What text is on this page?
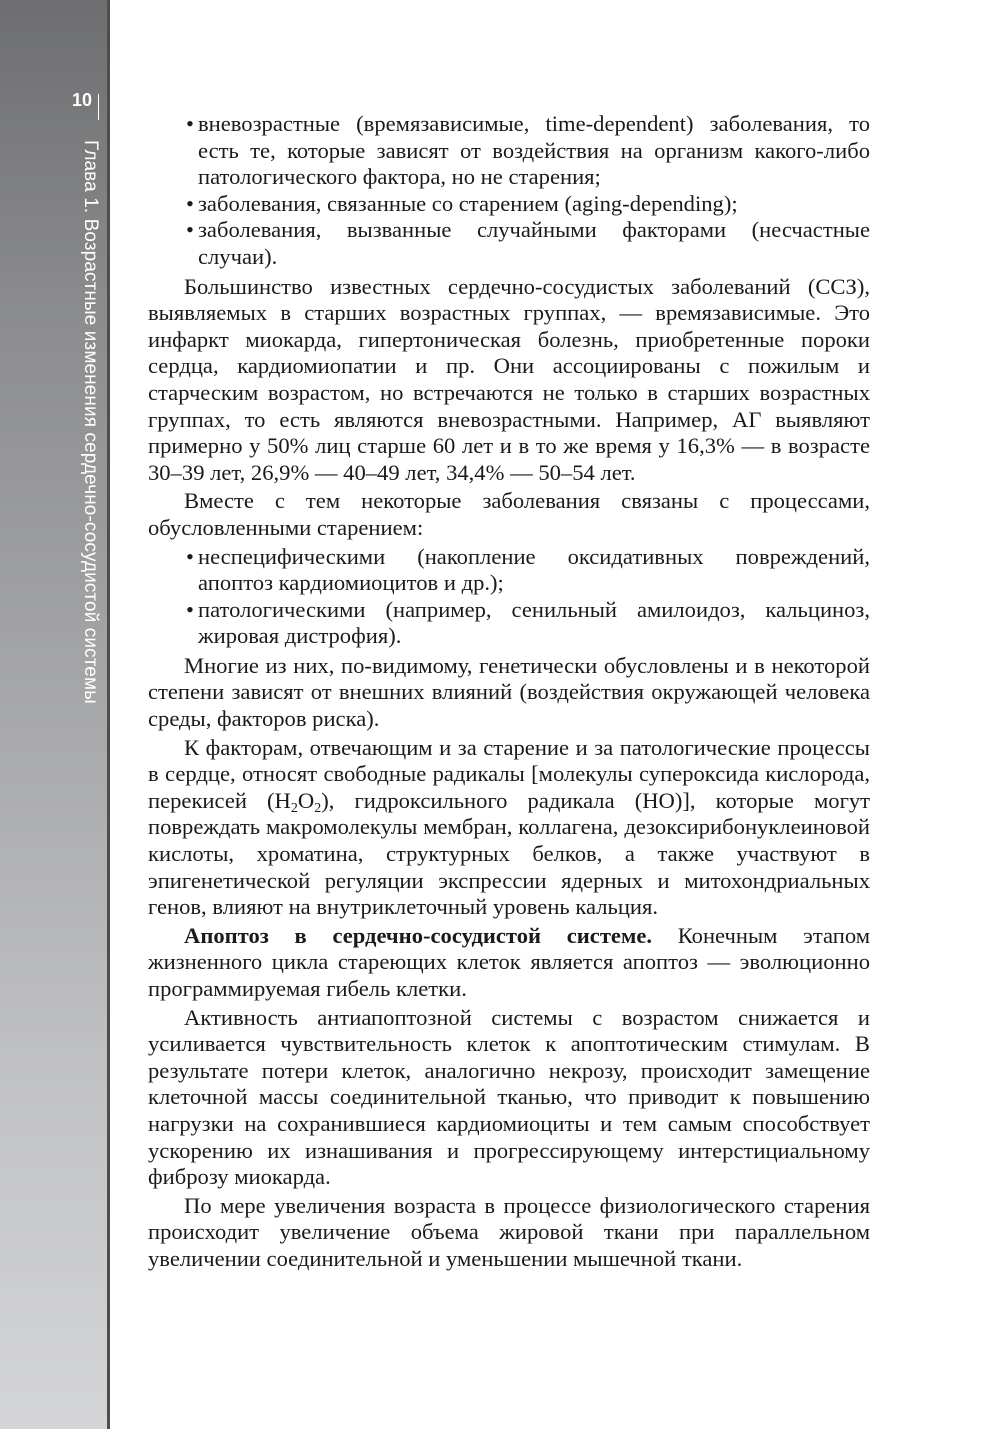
10
Глава 1. Возрастные изменения сердечно-сосудистой системы
• вневозрастные (времязависимые, time-dependent) заболевания, то есть те, которые зависят от воздействия на организм какого-либо патологического фактора, но не старения;
• заболевания, связанные со старением (aging-depending);
• заболевания, вызванные случайными факторами (несчастные случаи).

Большинство известных сердечно-сосудистых заболеваний (ССЗ), выявляемых в старших возрастных группах, — времязависимые. Это инфаркт миокарда, гипертоническая болезнь, приобретенные пороки сердца, кардиомиопатии и пр. Они ассоциированы с пожилым и старческим возрастом, но встречаются не только в старших возрастных группах, то есть являются вневозрастными. Например, АГ выявляют примерно у 50% лиц старше 60 лет и в то же время у 16,3% — в возрасте 30–39 лет, 26,9% — 40–49 лет, 34,4% — 50–54 лет.

Вместе с тем некоторые заболевания связаны с процессами, обусловленными старением:

• неспецифическими (накопление оксидативных повреждений, апоптоз кардиомиоцитов и др.);
• патологическими (например, сенильный амилоидоз, кальциноз, жировая дистрофия).

Многие из них, по-видимому, генетически обусловлены и в некоторой степени зависят от внешних влияний (воздействия окружающей человека среды, факторов риска).

К факторам, отвечающим и за старение и за патологические процессы в сердце, относят свободные радикалы [молекулы супероксида кислорода, перекисей $(H_2O_2)$, гидроксильного радикала (HO)], которые могут повреждать макромолекулы мембран, коллагена, дезоксирибонуклеиновой кислоты, хроматина, структурных белков, а также участвуют в эпигенетической регуляции экспрессии ядерных и митохондриальных генов, влияют на внутриклеточный уровень кальция.

Апоптоз в сердечно-сосудистой системе. Конечным этапом жизненного цикла стареющих клеток является апоптоз — эволюционно программируемая гибель клетки.

Активность антиапоптозной системы с возрастом снижается и усиливается чувствительность клеток к апоптотическим стимулам. В результате потери клеток, аналогично некрозу, происходит замещение клеточной массы соединительной тканью, что приводит к повышению нагрузки на сохранившиеся кардиомиоциты и тем самым способствует ускорению их изнашивания и прогрессирующему интерстициальному фиброзу миокарда.

По мере увеличения возраста в процессе физиологического старения происходит увеличение объема жировой ткани при параллельном увеличении соединительной и уменьшении мышечной ткани.
